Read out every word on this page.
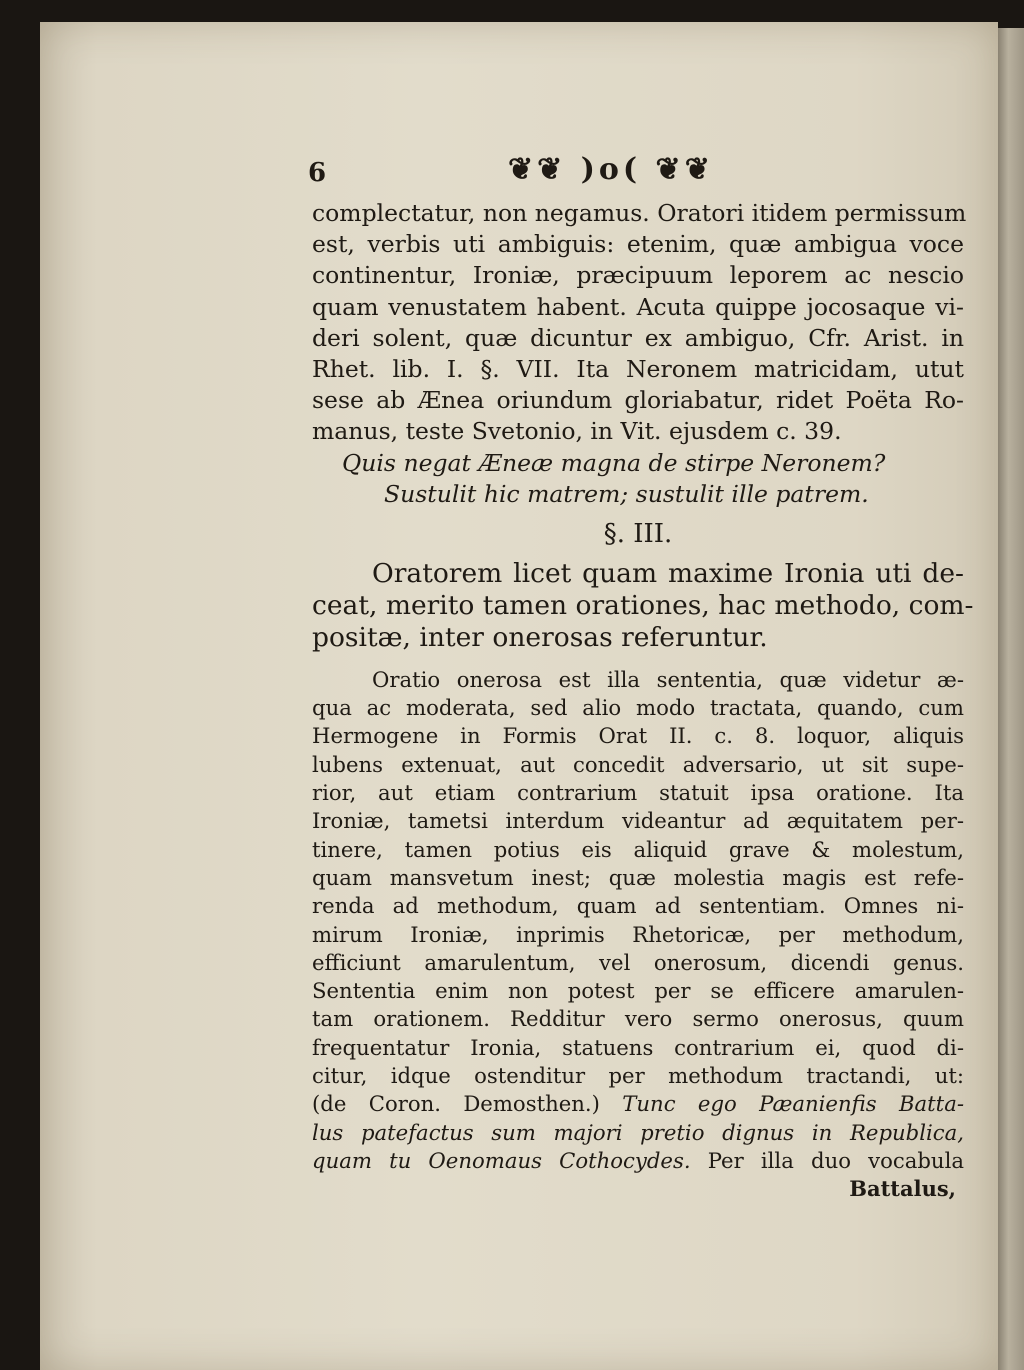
6	❦❦ )o( ❦❦
complectatur, non negamus. Oratori itidem permissum
est, verbis uti ambiguis: etenim, quæ ambigua voce
continentur, Ironiæ, præcipuum leporem ac nescio
quam venustatem habent. Acuta quippe jocosaque vi-
deri solent, quæ dicuntur ex ambiguo, Cfr. Arist. in
Rhet. lib. I. §. VII. Ita Neronem matricidam, utut
sese ab Ænea oriundum gloriabatur, ridet Poëta Ro-
manus, teste Svetonio, in Vit. ejusdem c. 39.
Quis negat Æneæ magna de stirpe Neronem?
Sustulit hic matrem; sustulit ille patrem.
§. III.
Oratorem licet quam maxime Ironia uti de-
ceat, merito tamen orationes, hac methodo, com-
positæ, inter onerosas referuntur.
Oratio onerosa est illa sententia, quæ videtur æ-
qua ac moderata, sed alio modo tractata, quando, cum
Hermogene in Formis Orat II. c. 8. loquor, aliquis
lubens extenuat, aut concedit adversario, ut sit supe-
rior, aut etiam contrarium statuit ipsa oratione. Ita
Ironiæ, tametsi interdum videantur ad æquitatem per-
tinere, tamen potius eis aliquid grave & molestum,
quam mansvetum inest; quæ molestia magis est refe-
renda ad methodum, quam ad sententiam. Omnes ni-
mirum Ironiæ, inprimis Rhetoricæ, per methodum,
efficiunt amarulentum, vel onerosum, dicendi genus.
Sententia enim non potest per se efficere amarulen-
tam orationem. Redditur vero sermo onerosus, quum
frequentatur Ironia, statuens contrarium ei, quod di-
citur, idque ostenditur per methodum tractandi, ut:
(de Coron. Demosthen.) Tunc ego Pæanienfis Batta-
lus patefactus sum majori pretio dignus in Republica,
quam tu Oenomaus Cothocydes. Per illa duo vocabula
Battalus,
